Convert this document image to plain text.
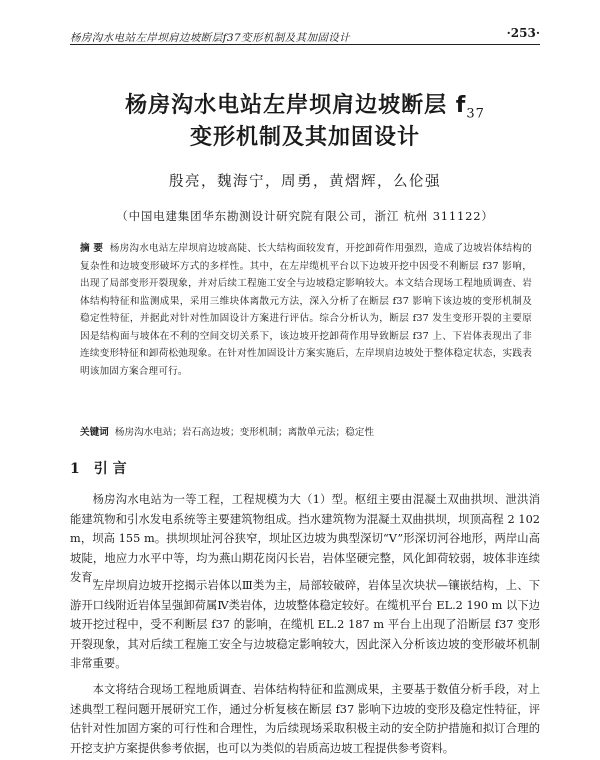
杨房沟水电站左岸坝肩边坡断层f37变形机制及其加固设计	·253·
杨房沟水电站左岸坝肩边坡断层 $f_{37}$
变形机制及其加固设计
殷亮，魏海宁，周勇，黄熠辉，么伦强
（中国电建集团华东勘测设计研究院有限公司，浙江 杭州 311122）
摘 要 杨房沟水电站左岸坝肩边坡高陡、长大结构面较发育，开挖卸荷作用强烈，造成了边坡岩体结构的复杂性和边坡变形破坏方式的多样性。其中，在左岸缆机平台以下边坡开挖中因受不利断层 f37 影响，出现了局部变形开裂现象，并对后续工程施工安全与边坡稳定影响较大。本文结合现场工程地质调查、岩体结构特征和监测成果，采用三维块体离散元方法，深入分析了在断层 f37 影响下该边坡的变形机制及稳定性特征，并据此对针对性加固设计方案进行评估。综合分析认为，断层 f37 发生变形开裂的主要原因是结构面与坡体在不利的空间交切关系下，该边坡开挖卸荷作用导致断层 f37 上、下岩体表现出了非连续变形特征和卸荷松弛现象。在针对性加固设计方案实施后，左岸坝肩边坡处于整体稳定状态，实践表明该加固方案合理可行。
关键词 杨房沟水电站；岩石高边坡；变形机制；离散单元法；稳定性
1 引 言

杨房沟水电站为一等工程，工程规模为大（1）型。枢纽主要由混凝土双曲拱坝、泄洪消能建筑物和引水发电系统等主要建筑物组成。挡水建筑物为混凝土双曲拱坝，坝顶高程 2 102 m，坝高 155 m。拱坝坝址河谷狭窄，坝址区边坡为典型深切“V”形深切河谷地形，两岸山高坡陡，地应力水平中等，均为燕山期花岗闪长岩，岩体坚硬完整，风化卸荷较弱，坡体非连续发育。

左岸坝肩边坡开挖揭示岩体以Ⅲ类为主，局部较破碎，岩体呈次块状—镶嵌结构，上、下游开口线附近岩体呈强卸荷属Ⅳ类岩体，边坡整体稳定较好。在缆机平台 EL.2 190 m 以下边坡开挖过程中，受不利断层 f37 的影响，在缆机 EL.2 187 m 平台上出现了沿断层 f37 变形开裂现象，其对后续工程施工安全与边坡稳定影响较大，因此深入分析该边坡的变形破坏机制非常重要。

本文将结合现场工程地质调查、岩体结构特征和监测成果，主要基于数值分析手段，对上述典型工程问题开展研究工作，通过分析复核在断层 f37 影响下边坡的变形及稳定性特征，评估针对性加固方案的可行性和合理性，为后续现场采取积极主动的安全防护措施和拟订合理的开挖支护方案提供参考依据，也可以为类似的岩质高边坡工程提供参考资料。
